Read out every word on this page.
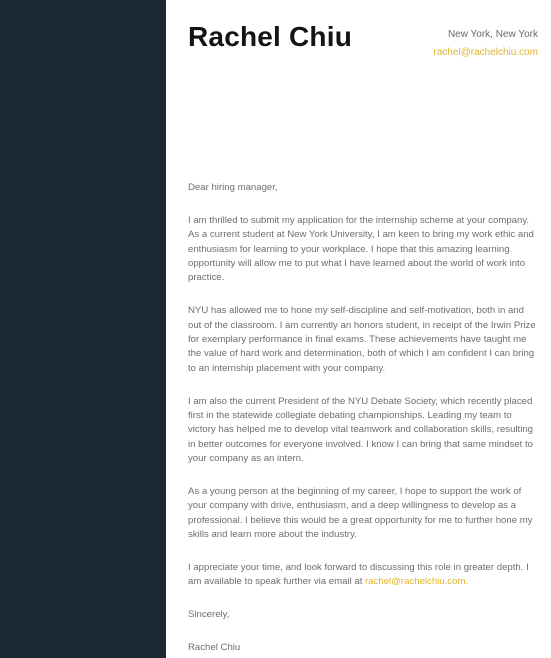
Rachel Chiu	New York, New York
rachel@rachelchiu.com

Dear hiring manager,

I am thrilled to submit my application for the internship scheme at your company. As a current student at New York University, I am keen to bring my work ethic and enthusiasm for learning to your workplace. I hope that this amazing learning opportunity will allow me to put what I have learned about the world of work into practice.

NYU has allowed me to hone my self-discipline and self-motivation, both in and out of the classroom. I am currently an honors student, in receipt of the Irwin Prize for exemplary performance in final exams. These achievements have taught me the value of hard work and determination, both of which I am confident I can bring to an internship placement with your company.

I am also the current President of the NYU Debate Society, which recently placed first in the statewide collegiate debating championships. Leading my team to victory has helped me to develop vital teamwork and collaboration skills, resulting in better outcomes for everyone involved. I know I can bring that same mindset to your company as an intern.

As a young person at the beginning of my career, I hope to support the work of your company with drive, enthusiasm, and a deep willingness to develop as a professional. I believe this would be a great opportunity for me to further hone my skills and learn more about the industry.

I appreciate your time, and look forward to discussing this role in greater depth. I am available to speak further via email at rachel@rachelchiu.com.

Sincerely,

Rachel Chiu
